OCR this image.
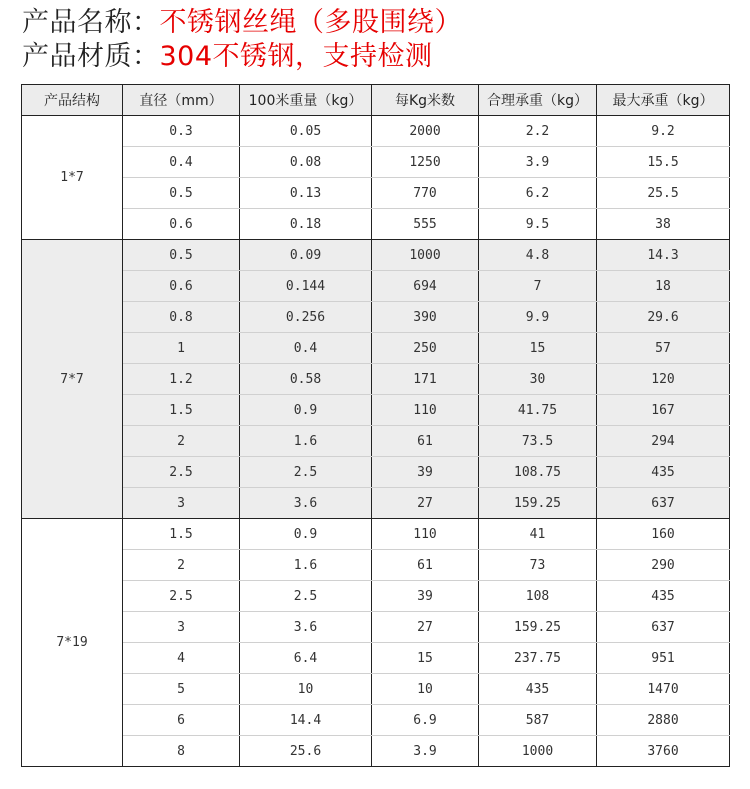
产品名称：不锈钢丝绳（多股围绕）
产品材质：304不锈钢，支持检测
产品结构	直径（mm）	100米重量（kg）	每Kg米数	合理承重（kg）	最大承重（kg）
1*7	0.3	0.05	2000	2.2	9.2
	0.4	0.08	1250	3.9	15.5
	0.5	0.13	770	6.2	25.5
	0.6	0.18	555	9.5	38
7*7	0.5	0.09	1000	4.8	14.3
	0.6	0.144	694	7	18
	0.8	0.256	390	9.9	29.6
	1	0.4	250	15	57
	1.2	0.58	171	30	120
	1.5	0.9	110	41.75	167
	2	1.6	61	73.5	294
	2.5	2.5	39	108.75	435
	3	3.6	27	159.25	637
7*19	1.5	0.9	110	41	160
	2	1.6	61	73	290
	2.5	2.5	39	108	435
	3	3.6	27	159.25	637
	4	6.4	15	237.75	951
	5	10	10	435	1470
	6	14.4	6.9	587	2880
	8	25.6	3.9	1000	3760
